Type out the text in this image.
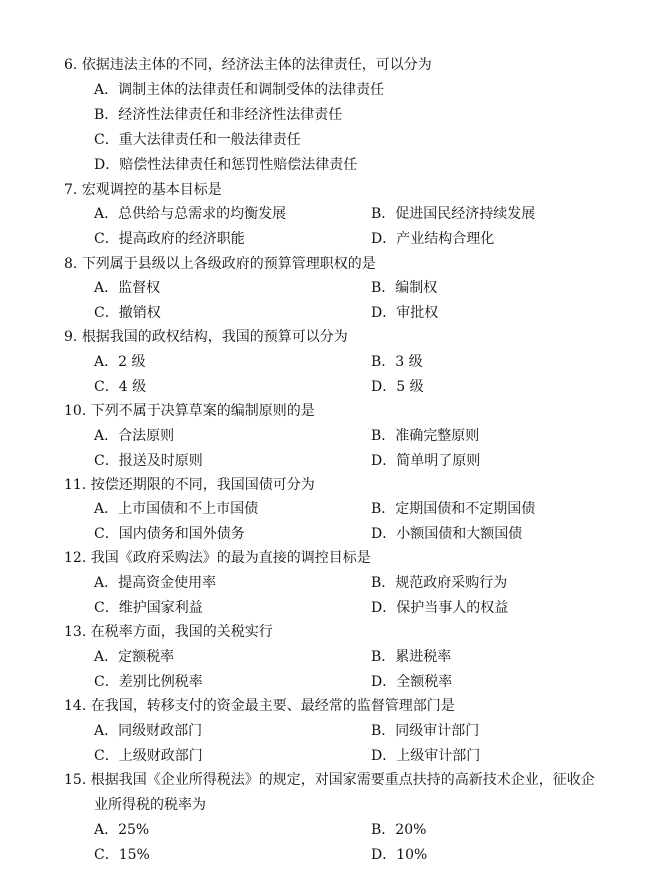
6. 依据违法主体的不同，经济法主体的法律责任，可以分为
A．调制主体的法律责任和调制受体的法律责任
B．经济性法律责任和非经济性法律责任
C．重大法律责任和一般法律责任
D．赔偿性法律责任和惩罚性赔偿法律责任
7. 宏观调控的基本目标是
A．总供给与总需求的均衡发展	B．促进国民经济持续发展
C．提高政府的经济职能	D．产业结构合理化
8. 下列属于县级以上各级政府的预算管理职权的是
A．监督权	B．编制权
C．撤销权	D．审批权
9. 根据我国的政权结构，我国的预算可以分为
A．2 级	B．3 级
C．4 级	D．5 级
10. 下列不属于决算草案的编制原则的是
A．合法原则	B．准确完整原则
C．报送及时原则	D．简单明了原则
11. 按偿还期限的不同，我国国债可分为
A．上市国债和不上市国债	B．定期国债和不定期国债
C．国内债务和国外债务	D．小额国债和大额国债
12. 我国《政府采购法》的最为直接的调控目标是
A．提高资金使用率	B．规范政府采购行为
C．维护国家利益	D．保护当事人的权益
13. 在税率方面，我国的关税实行
A．定额税率	B．累进税率
C．差别比例税率	D．全额税率
14. 在我国，转移支付的资金最主要、最经常的监督管理部门是
A．同级财政部门	B．同级审计部门
C．上级财政部门	D．上级审计部门
15. 根据我国《企业所得税法》的规定，对国家需要重点扶持的高新技术企业，征收企
业所得税的税率为
A．25%	B．20%
C．15%	D．10%
